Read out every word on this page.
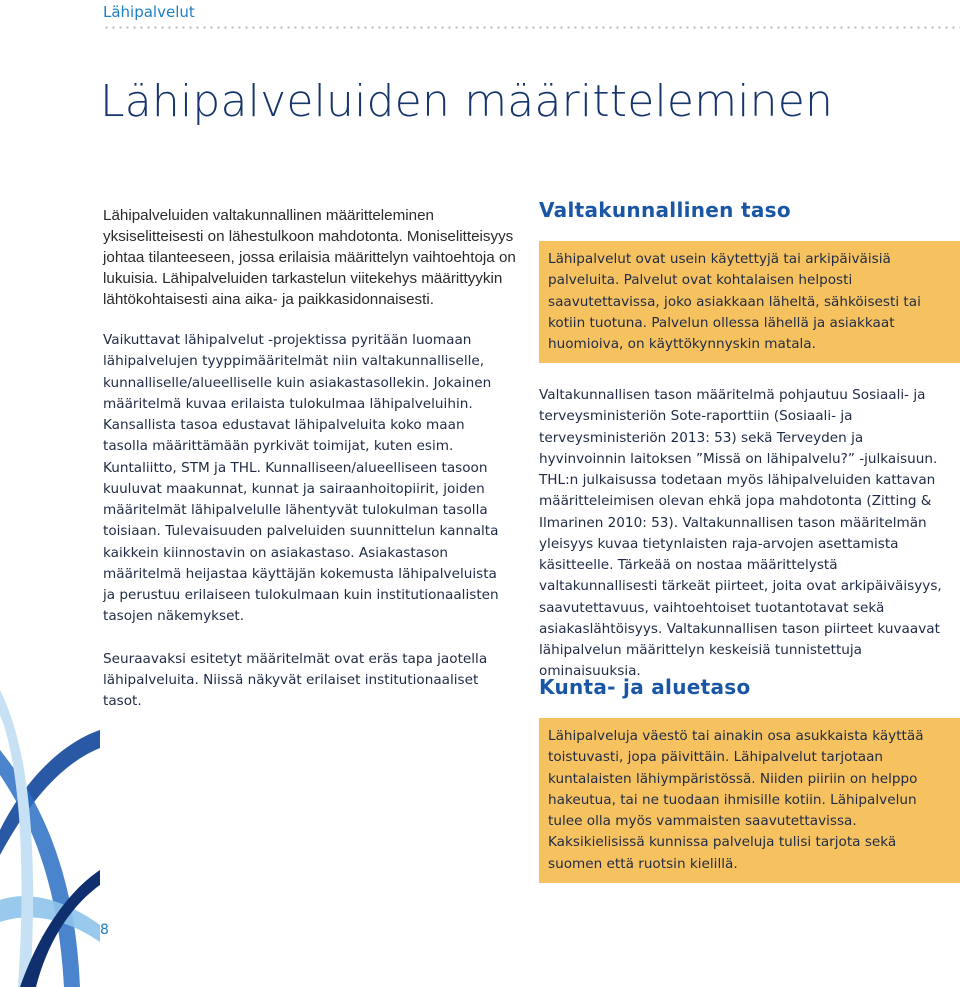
Lähipalvelut
Lähipalveluiden määritteleminen

Lähipalveluiden valtakunnallinen määritteleminen yksiselitteisesti on lähestulkoon mahdotonta. Moniselitteisyys johtaa tilanteeseen, jossa erilaisia määrittelyn vaihtoehtoja on lukuisia. Lähipalveluiden tarkastelun viitekehys määrittyykin lähtökohtaisesti aina aika- ja paikkasidonnaisesti.

Vaikuttavat lähipalvelut -projektissa pyritään luomaan lähipalvelujen tyyppimääritelmät niin valtakunnalliselle, kunnalliselle/alueelliselle kuin asiakastasollekin. Jokainen määritelmä kuvaa erilaista tulokulmaa lähipalveluihin. Kansallista tasoa edustavat lähipalveluita koko maan tasolla määrittämään pyrkivät toimijat, kuten esim. Kuntaliitto, STM ja THL. Kunnalliseen/alueelliseen tasoon kuuluvat maakunnat, kunnat ja sairaanhoitopiirit, joiden määritelmät lähipalvelulle lähentyvät tulokulman tasolla toisiaan. Tulevaisuuden palveluiden suunnittelun kannalta kaikkein kiinnostavin on asiakastaso. Asiakastason määritelmä heijastaa käyttäjän kokemusta lähipalveluista ja perustuu erilaiseen tulokulmaan kuin institutionaalisten tasojen näkemykset.

Seuraavaksi esitetyt määritelmät ovat eräs tapa jaotella lähipalveluita. Niissä näkyvät erilaiset institutionaaliset tasot.

Valtakunnallinen taso
Lähipalvelut ovat usein käytettyjä tai arkipäiväisiä palveluita. Palvelut ovat kohtalaisen helposti saavutettavissa, joko asiakkaan läheltä, sähköisesti tai kotiin tuotuna. Palvelun ollessa lähellä ja asiakkaat huomioiva, on käyttökynnyskin matala.

Valtakunnallisen tason määritelmä pohjautuu Sosiaali- ja terveysministeriön Sote-raporttiin (Sosiaali- ja terveysministeriön 2013: 53) sekä Terveyden ja hyvinvoinnin laitoksen ”Missä on lähipalvelu?” -julkaisuun. THL:n julkaisussa todetaan myös lähipalveluiden kattavan määritteleimisen olevan ehkä jopa mahdotonta (Zitting & Ilmarinen 2010: 53). Valtakunnallisen tason määritelmän yleisyys kuvaa tietynlaisten raja-arvojen asettamista käsitteelle. Tärkeää on nostaa määrittelystä valtakunnallisesti tärkeät piirteet, joita ovat arkipäiväisyys, saavutettavuus, vaihtoehtoiset tuotantotavat sekä asiakaslähtöisyys. Valtakunnallisen tason piirteet kuvaavat lähipalvelun määrittelyn keskeisiä tunnistettuja ominaisuuksia.

Kunta- ja aluetaso
Lähipalveluja väestö tai ainakin osa asukkaista käyttää toistuvasti, jopa päivittäin. Lähipalvelut tarjotaan kuntalaisten lähiympäristössä. Niiden piiriin on helppo hakeutua, tai ne tuodaan ihmisille kotiin. Lähipalvelun tulee olla myös vammaisten saavutettavissa. Kaksikielisissä kunnissa palveluja tulisi tarjota sekä suomen että ruotsin kielillä.
8
